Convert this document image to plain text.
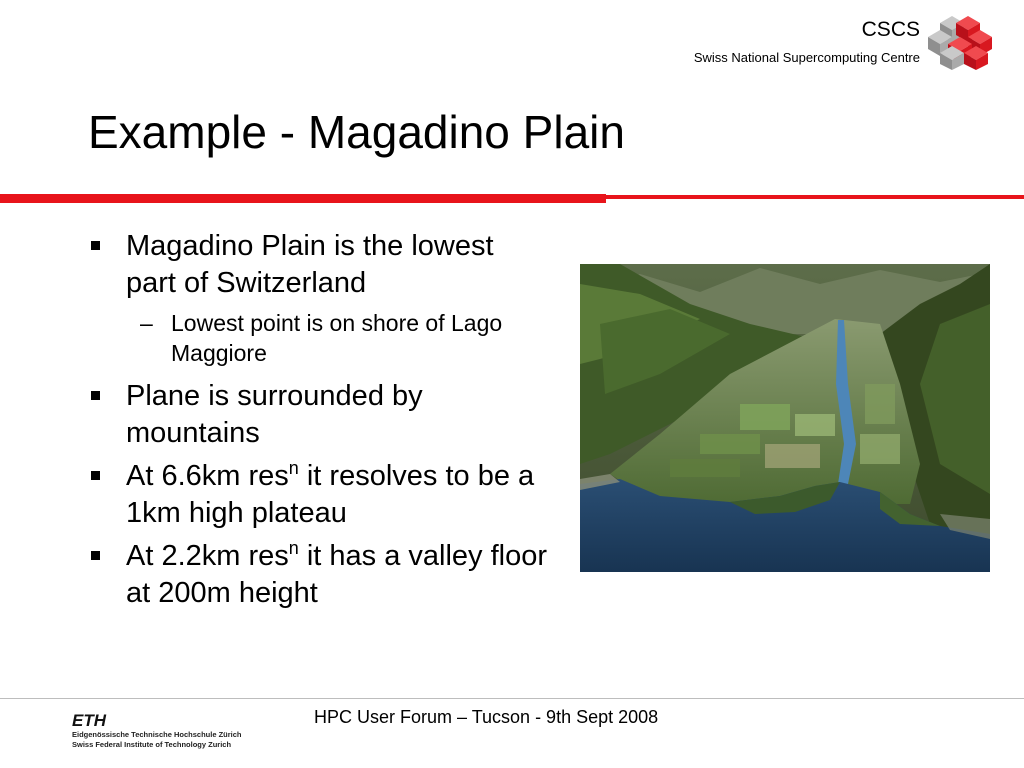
CSCS
Swiss National Supercomputing Centre
Example - Magadino Plain
Magadino Plain is the lowest part of Switzerland
– Lowest point is on shore of Lago Maggiore
Plane is surrounded by mountains
At 6.6km res$^n$ it resolves to be a 1km high plateau
At 2.2km res$^n$ it has a valley floor at 200m height
ETH
Eidgenössische Technische Hochschule Zürich
Swiss Federal Institute of Technology Zurich
HPC User Forum – Tucson - 9th Sept 2008
